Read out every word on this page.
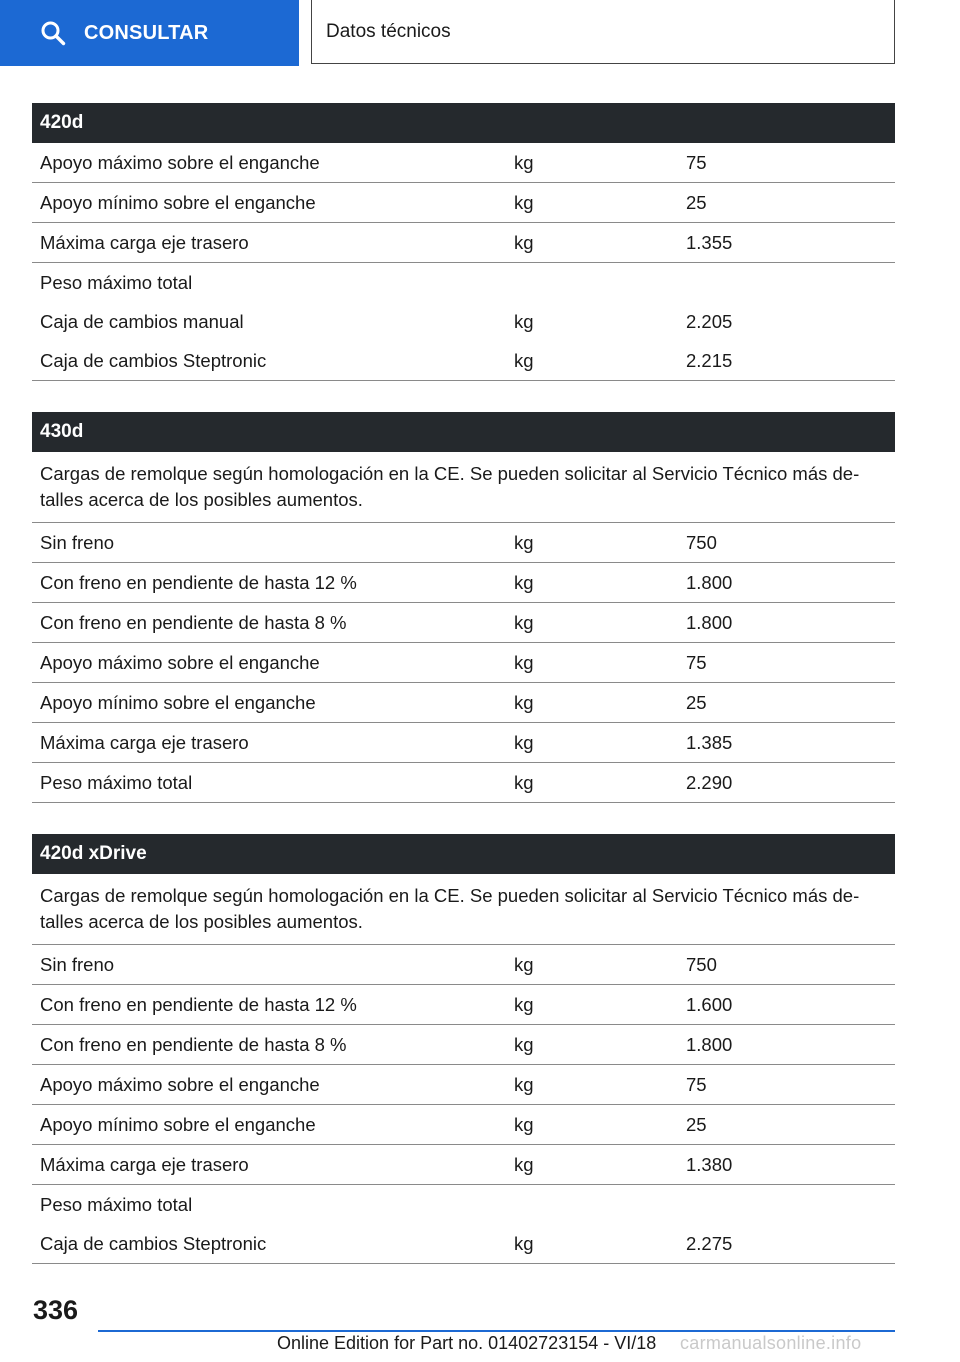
CONSULTAR	Datos técnicos
420d
Apoyo máximo sobre el enganche	kg	75
Apoyo mínimo sobre el enganche	kg	25
Máxima carga eje trasero	kg	1.355
Peso máximo total
Caja de cambios manual	kg	2.205
Caja de cambios Steptronic	kg	2.215
430d
Cargas de remolque según homologación en la CE. Se pueden solicitar al Servicio Técnico más de-talles acerca de los posibles aumentos.
Sin freno	kg	750
Con freno en pendiente de hasta 12 %	kg	1.800
Con freno en pendiente de hasta 8 %	kg	1.800
Apoyo máximo sobre el enganche	kg	75
Apoyo mínimo sobre el enganche	kg	25
Máxima carga eje trasero	kg	1.385
Peso máximo total	kg	2.290
420d xDrive
Cargas de remolque según homologación en la CE. Se pueden solicitar al Servicio Técnico más de-talles acerca de los posibles aumentos.
Sin freno	kg	750
Con freno en pendiente de hasta 12 %	kg	1.600
Con freno en pendiente de hasta 8 %	kg	1.800
Apoyo máximo sobre el enganche	kg	75
Apoyo mínimo sobre el enganche	kg	25
Máxima carga eje trasero	kg	1.380
Peso máximo total
Caja de cambios Steptronic	kg	2.275
336
Online Edition for Part no. 01402723154 - VI/18 carmanualsonline.info
